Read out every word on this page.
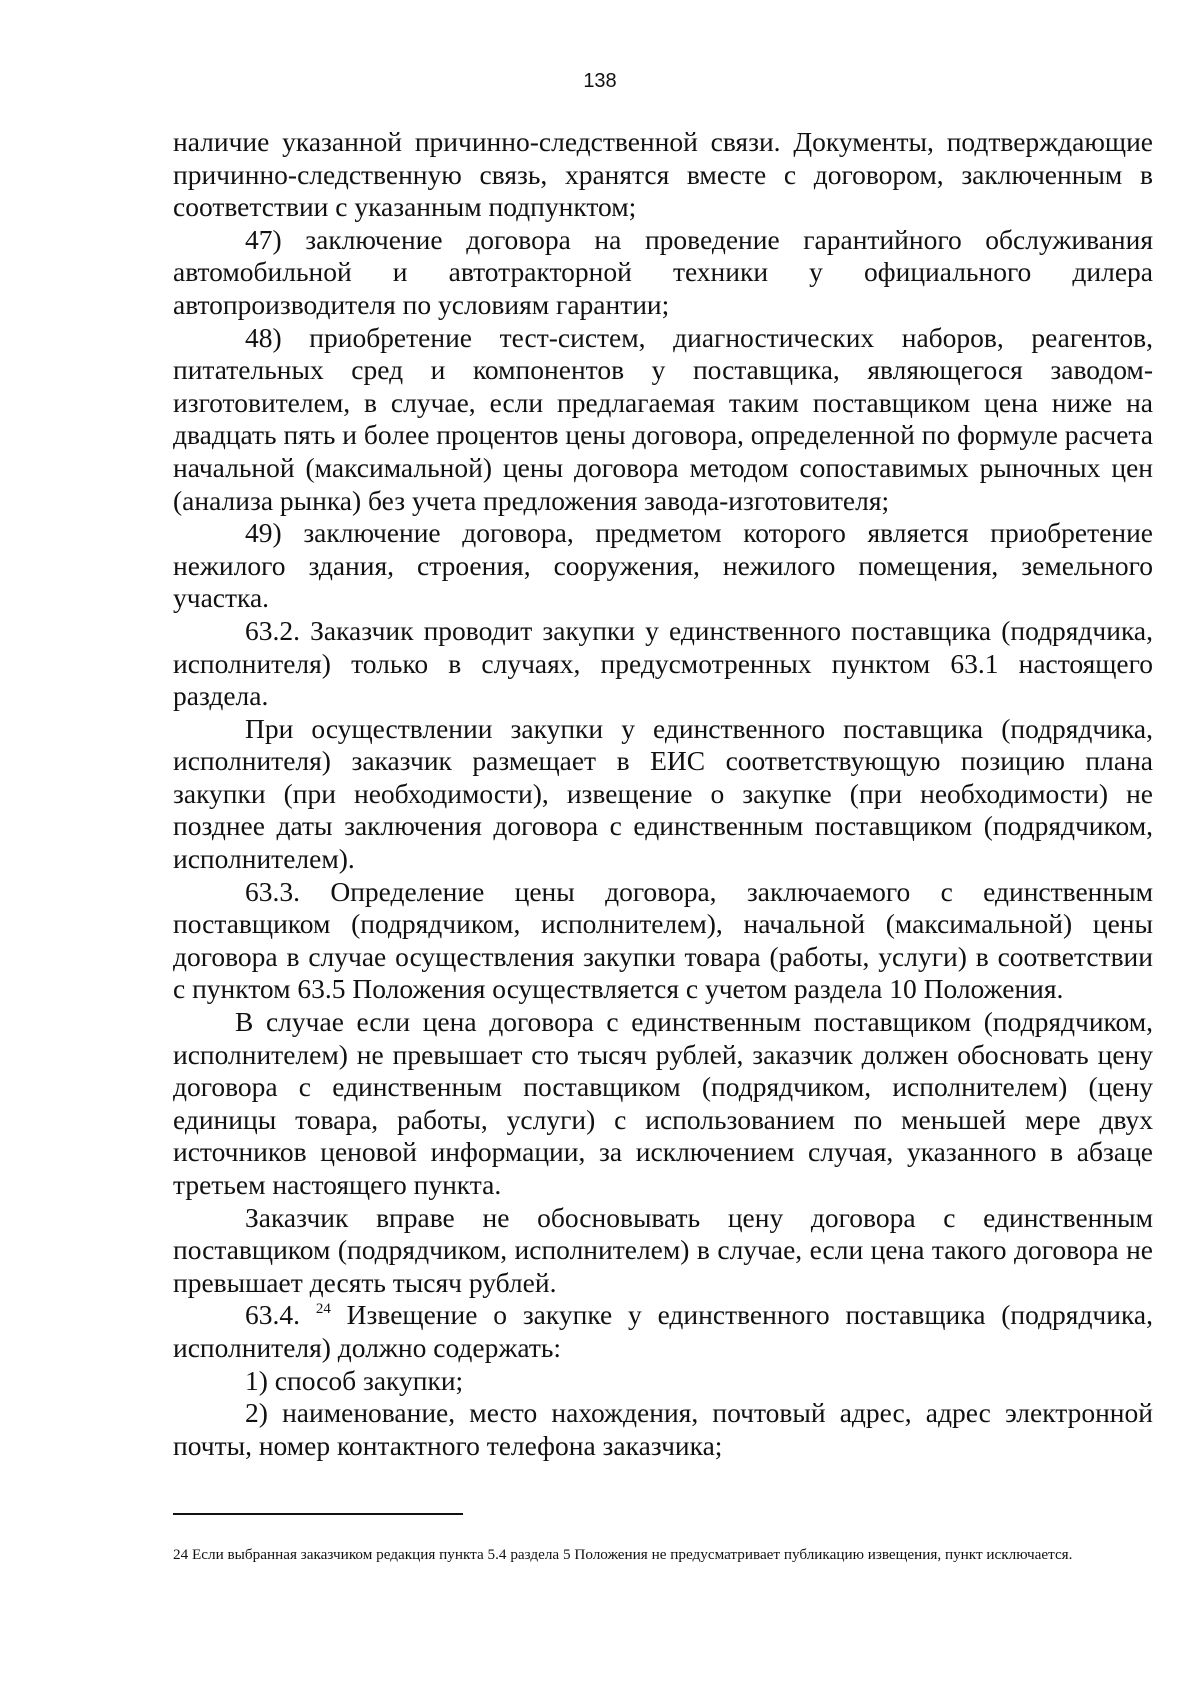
138

наличие указанной причинно-следственной связи. Документы, подтверждающие причинно-следственную связь, хранятся вместе с договором, заключенным в соответствии с указанным подпунктом;

47) заключение договора на проведение гарантийного обслуживания автомобильной и автотракторной техники у официального дилера автопроизводителя по условиям гарантии;

48) приобретение тест-систем, диагностических наборов, реагентов, питательных сред и компонентов у поставщика, являющегося заводом-изготовителем, в случае, если предлагаемая таким поставщиком цена ниже на двадцать пять и более процентов цены договора, определенной по формуле расчета начальной (максимальной) цены договора методом сопоставимых рыночных цен (анализа рынка) без учета предложения завода-изготовителя;

49) заключение договора, предметом которого является приобретение нежилого здания, строения, сооружения, нежилого помещения, земельного участка.

63.2. Заказчик проводит закупки у единственного поставщика (подрядчика, исполнителя) только в случаях, предусмотренных пунктом 63.1 настоящего раздела.

При осуществлении закупки у единственного поставщика (подрядчика, исполнителя) заказчик размещает в ЕИС соответствующую позицию плана закупки (при необходимости), извещение о закупке (при необходимости) не позднее даты заключения договора с единственным поставщиком (подрядчиком, исполнителем).

63.3. Определение цены договора, заключаемого с единственным поставщиком (подрядчиком, исполнителем), начальной (максимальной) цены договора в случае осуществления закупки товара (работы, услуги) в соответствии с пунктом 63.5 Положения осуществляется с учетом раздела 10 Положения.

В случае если цена договора с единственным поставщиком (подрядчиком, исполнителем) не превышает сто тысяч рублей, заказчик должен обосновать цену договора с единственным поставщиком (подрядчиком, исполнителем) (цену единицы товара, работы, услуги) с использованием по меньшей мере двух источников ценовой информации, за исключением случая, указанного в абзаце третьем настоящего пункта.

Заказчик вправе не обосновывать цену договора с единственным поставщиком (подрядчиком, исполнителем) в случае, если цена такого договора не превышает десять тысяч рублей.

63.4. $^{24}$ Извещение о закупке у единственного поставщика (подрядчика, исполнителя) должно содержать:

1) способ закупки;

2) наименование, место нахождения, почтовый адрес, адрес электронной почты, номер контактного телефона заказчика;

24 Если выбранная заказчиком редакция пункта 5.4 раздела 5 Положения не предусматривает публикацию извещения, пункт исключается.
